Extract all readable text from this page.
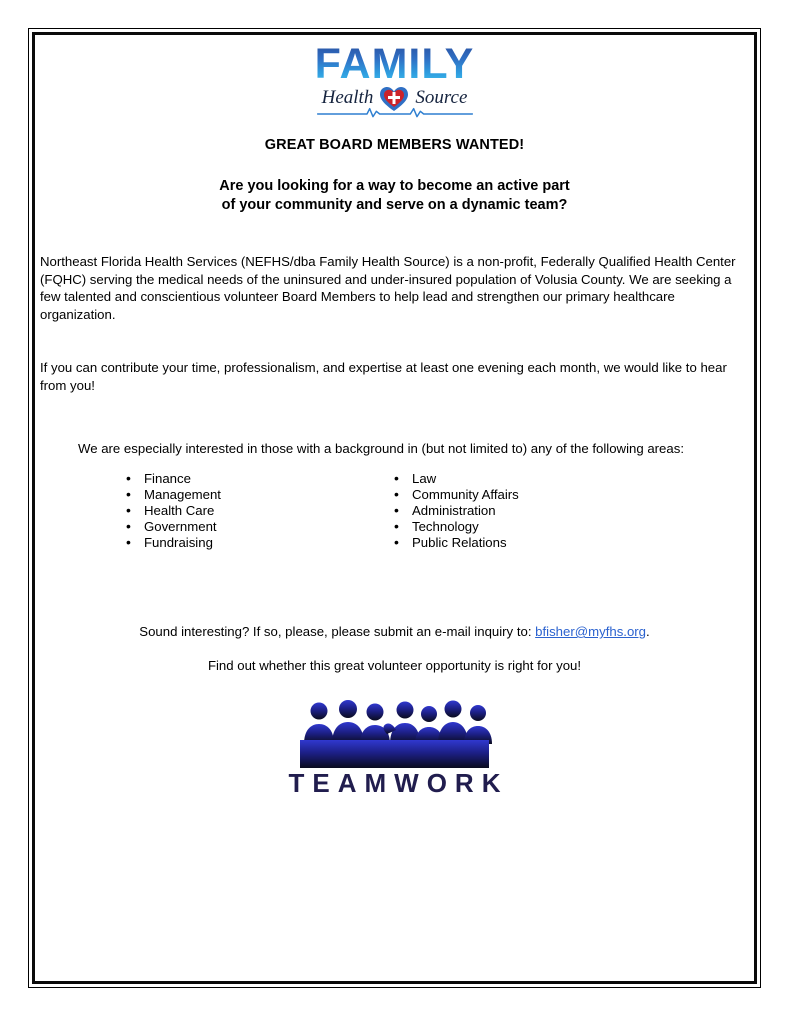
FAMILY
Health Source
GREAT BOARD MEMBERS WANTED!
Are you looking for a way to become an active part
of your community and serve on a dynamic team?
Northeast Florida Health Services (NEFHS/dba Family Health Source) is a non-profit, Federally Qualified Health Center (FQHC) serving the medical needs of the uninsured and under-insured population of Volusia County. We are seeking a few talented and conscientious volunteer Board Members to help lead and strengthen our primary healthcare organization.
If you can contribute your time, professionalism, and expertise at least one evening each month, we would like to hear from you!
We are especially interested in those with a background in (but not limited to) any of the following areas:
• Finance
• Management
• Health Care
• Government
• Fundraising
• Law
• Community Affairs
• Administration
• Technology
• Public Relations
Sound interesting? If so, please, please submit an e-mail inquiry to: bfisher@myfhs.org.
Find out whether this great volunteer opportunity is right for you!
TEAMWORK
